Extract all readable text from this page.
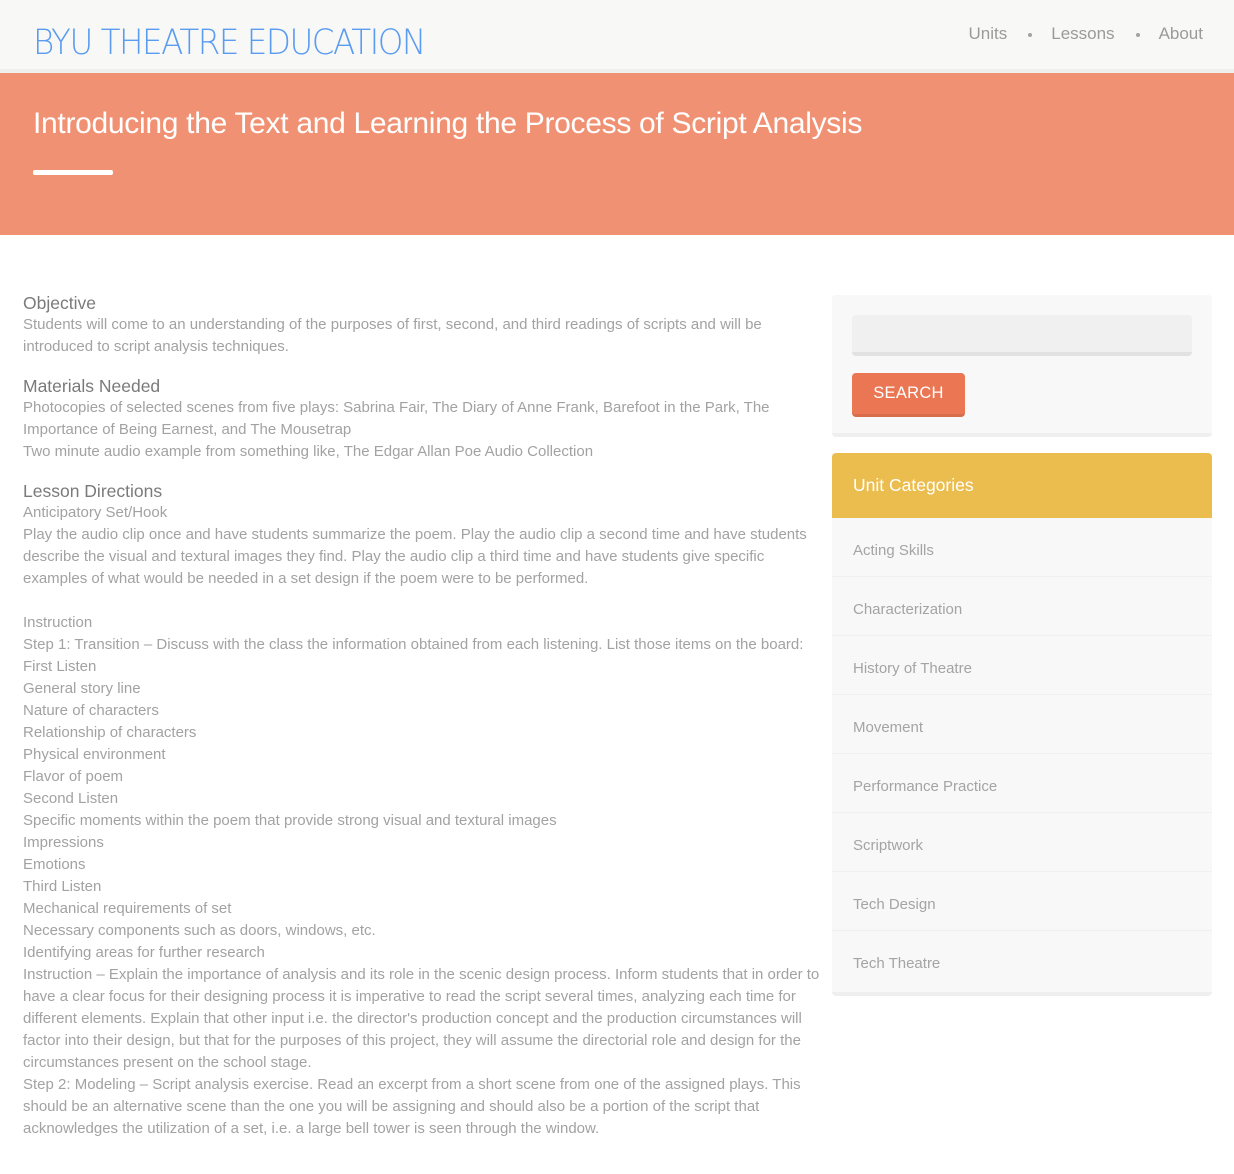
BYU THEATRE EDUCATION	Units	Lessons	About
Introducing the Text and Learning the Process of Script Analysis
Objective

Students will come to an understanding of the purposes of first, second, and third readings of scripts and will be introduced to script analysis techniques.

Materials Needed

Photocopies of selected scenes from five plays: Sabrina Fair, The Diary of Anne Frank, Barefoot in the Park, The Importance of Being Earnest, and The Mousetrap

Two minute audio example from something like, The Edgar Allan Poe Audio Collection

Lesson Directions

Anticipatory Set/Hook

Play the audio clip once and have students summarize the poem. Play the audio clip a second time and have students describe the visual and textural images they find. Play the audio clip a third time and have students give specific examples of what would be needed in a set design if the poem were to be performed.

Instruction

Step 1: Transition – Discuss with the class the information obtained from each listening. List those items on the board:

First Listen

General story line

Nature of characters

Relationship of characters

Physical environment

Flavor of poem

Second Listen

Specific moments within the poem that provide strong visual and textural images

Impressions

Emotions

Third Listen

Mechanical requirements of set

Necessary components such as doors, windows, etc.

Identifying areas for further research

Instruction – Explain the importance of analysis and its role in the scenic design process. Inform students that in order to have a clear focus for their designing process it is imperative to read the script several times, analyzing each time for different elements. Explain that other input i.e. the director's production concept and the production circumstances will factor into their design, but that for the purposes of this project, they will assume the directorial role and design for the circumstances present on the school stage.

Step 2: Modeling – Script analysis exercise. Read an excerpt from a short scene from one of the assigned plays. This should be an alternative scene than the one you will be assigning and should also be a portion of the script that acknowledges the utilization of a set, i.e. a large bell tower is seen through the window.

SEARCH
Unit Categories
Acting Skills
Characterization
History of Theatre
Movement
Performance Practice
Scriptwork
Tech Design
Tech Theatre
